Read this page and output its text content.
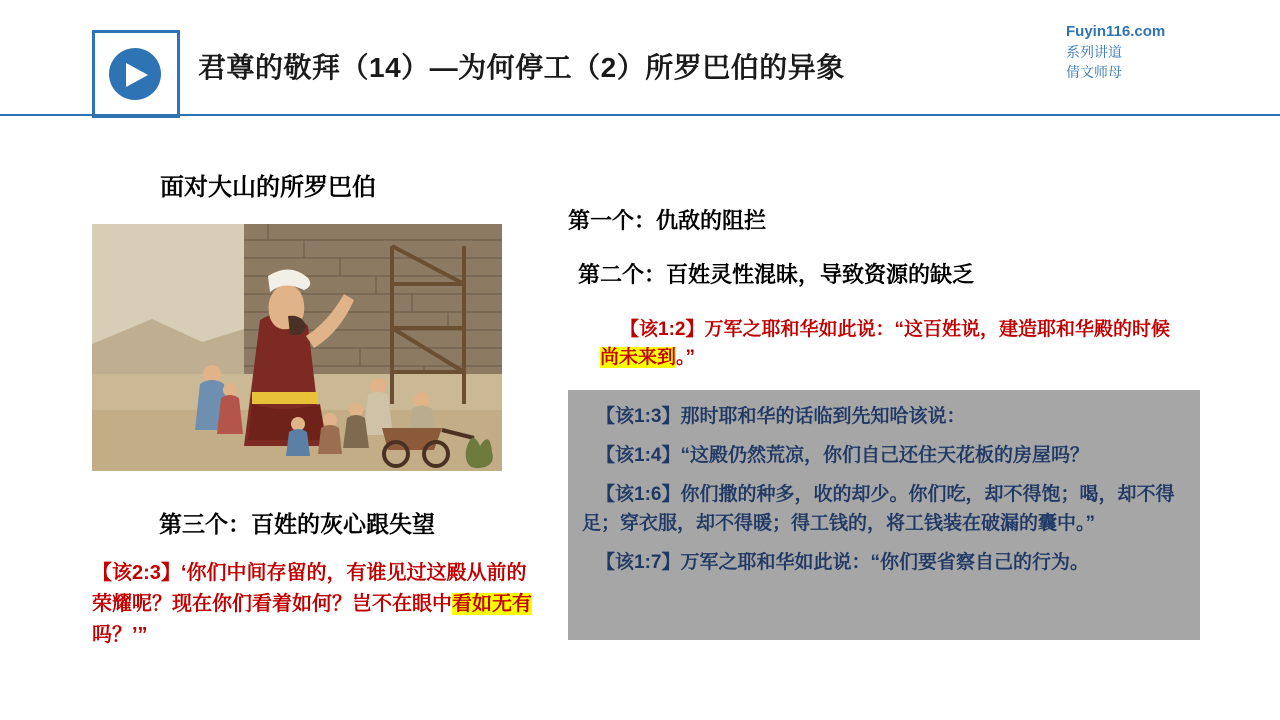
君尊的敬拜（14）—为何停工（2）所罗巴伯的异象
Fuyin116.com
系列讲道
倩文师母
面对大山的所罗巴伯
第三个：百姓的灰心跟失望
【该2:3】‘你们中间存留的，有谁见过这殿从前的荣耀呢？现在你们看着如何？岂不在眼中看如无有吗？’”
第一个：仇敌的阻拦
第二个：百姓灵性混昧，导致资源的缺乏
【该1:2】万军之耶和华如此说：“这百姓说，建造耶和华殿的时候尚未来到。”

【该1:3】那时耶和华的话临到先知哈该说：

【该1:4】“这殿仍然荒凉，你们自己还住天花板的房屋吗？

【该1:6】你们撒的种多，收的却少。你们吃，却不得饱；喝，却不得足；穿衣服，却不得暖；得工钱的，将工钱装在破漏的囊中。”

【该1:7】万军之耶和华如此说：“你们要省察自己的行为。
